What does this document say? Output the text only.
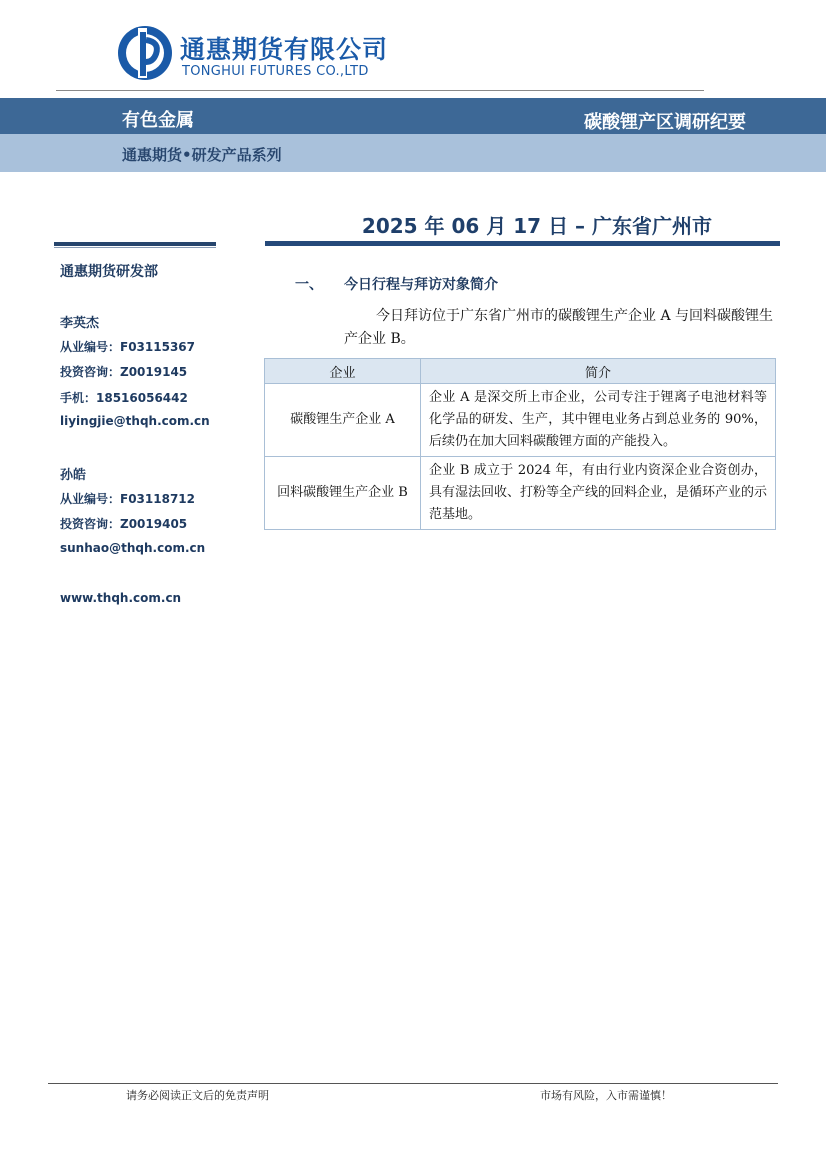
通惠期货有限公司
TONGHUI FUTURES CO.,LTD
有色金属	碳酸锂产区调研纪要
通惠期货•研发产品系列
2025 年 06 月 17 日 – 广东省广州市
通惠期货研发部
李英杰
从业编号：F03115367
投资咨询：Z0019145
手机：18516056442
liyingjie@thqh.com.cn
孙皓
从业编号：F03118712
投资咨询：Z0019405
sunhao@thqh.com.cn
www.thqh.com.cn
一、 今日行程与拜访对象简介
今日拜访位于广东省广州市的碳酸锂生产企业 A 与回料碳酸锂生产企业 B。
企业	简介
碳酸锂生产企业 A	企业 A 是深交所上市企业，公司专注于锂离子电池材料等化学品的研发、生产，其中锂电业务占到总业务的 90%，后续仍在加大回料碳酸锂方面的产能投入。
回料碳酸锂生产企业 B	企业 B 成立于 2024 年，有由行业内资深企业合资创办，具有湿法回收、打粉等全产线的回料企业，是循环产业的示范基地。
请务必阅读正文后的免责声明	市场有风险，入市需谨慎！
